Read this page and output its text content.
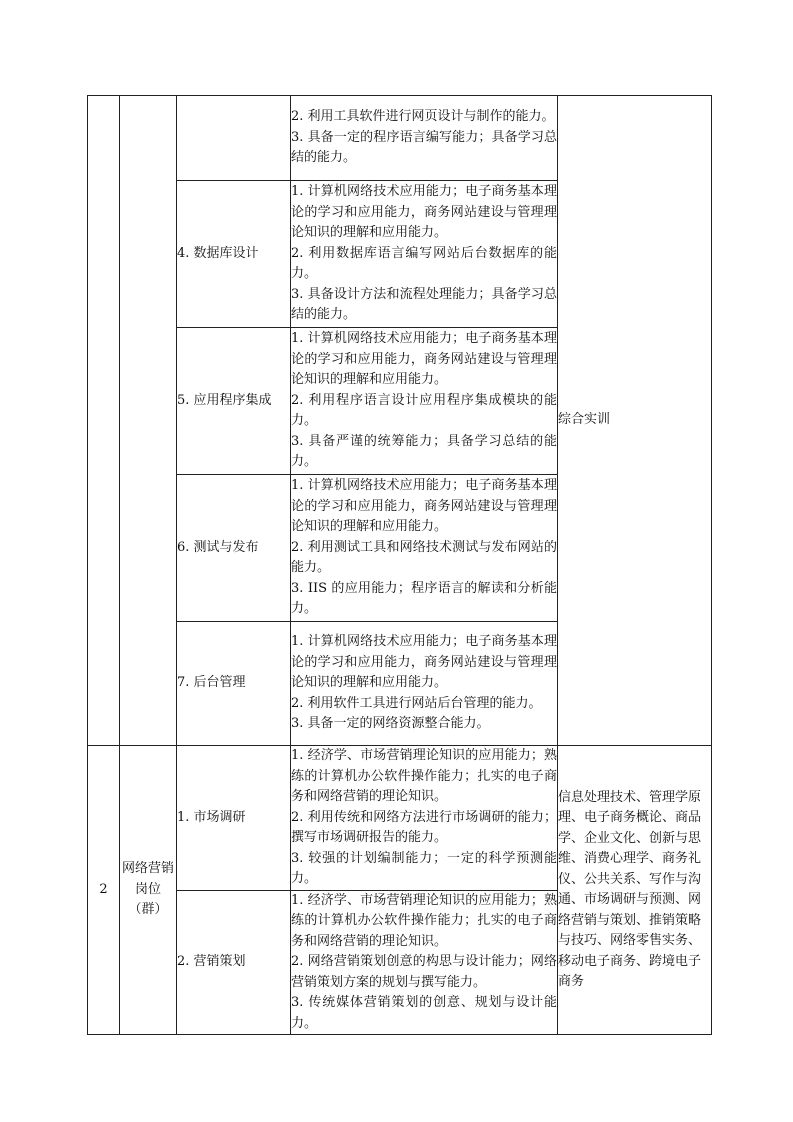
			2. 利用工具软件进行网页设计与制作的能力。
3. 具备一定的程序语言编写能力；具备学习总结的能力。	综合实训
		4. 数据库设计	1. 计算机网络技术应用能力；电子商务基本理论的学习和应用能力，商务网站建设与管理理论知识的理解和应用能力。
2. 利用数据库语言编写网站后台数据库的能力。
3. 具备设计方法和流程处理能力；具备学习总结的能力。	

		5. 应用程序集成	1. 计算机网络技术应用能力；电子商务基本理论的学习和应用能力，商务网站建设与管理理论知识的理解和应用能力。
2. 利用程序语言设计应用程序集成模块的能力。
3. 具备严谨的统筹能力；具备学习总结的能力。	

		6. 测试与发布	1. 计算机网络技术应用能力；电子商务基本理论的学习和应用能力，商务网站建设与管理理论知识的理解和应用能力。
2. 利用测试工具和网络技术测试与发布网站的能力。
3. IIS 的应用能力；程序语言的解读和分析能力。	

		7. 后台管理	1. 计算机网络技术应用能力；电子商务基本理论的学习和应用能力，商务网站建设与管理理论知识的理解和应用能力。
2. 利用软件工具进行网站后台管理的能力。
3. 具备一定的网络资源整合能力。	

2	网络营销岗位（群）	1. 市场调研	1. 经济学、市场营销理论知识的应用能力；熟练的计算机办公软件操作能力；扎实的电子商务和网络营销的理论知识。
2. 利用传统和网络方法进行市场调研的能力；撰写市场调研报告的能力。
3. 较强的计划编制能力；一定的科学预测能力。	信息处理技术、管理学原理、电子商务概论、商品学、企业文化、创新与思维、消费心理学、商务礼仪、公共关系、写作与沟通、市场调研与预测、网络营销与策划、推销策略与技巧、网络零售实务、移动电子商务、跨境电子商务
		2. 营销策划	1. 经济学、市场营销理论知识的应用能力；熟练的计算机办公软件操作能力；扎实的电子商务和网络营销的理论知识。
2. 网络营销策划创意的构思与设计能力；网络营销策划方案的规划与撰写能力。
3. 传统媒体营销策划的创意、规划与设计能力。	
